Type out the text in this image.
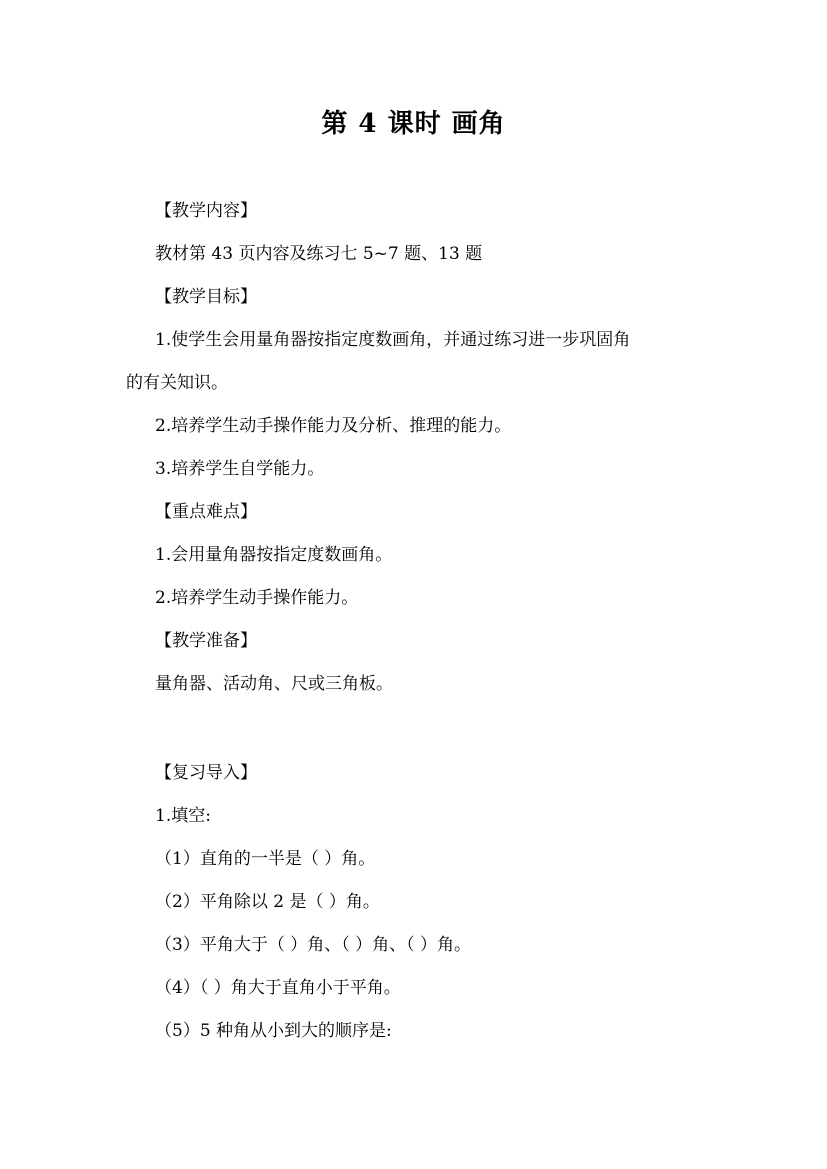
第 4 课时 画角
【教学内容】
教材第 43 页内容及练习七 5~7 题、13 题
【教学目标】
1.使学生会用量角器按指定度数画角，并通过练习进一步巩固角
的有关知识。
2.培养学生动手操作能力及分析、推理的能力。
3.培养学生自学能力。
【重点难点】
1.会用量角器按指定度数画角。
2.培养学生动手操作能力。
【教学准备】
量角器、活动角、尺或三角板。
【复习导入】
1.填空:
（1）直角的一半是（ ）角。
（2）平角除以 2 是（ ）角。
（3）平角大于（ ）角、（ ）角、（ ）角。
（4）（ ）角大于直角小于平角。
（5）5 种角从小到大的顺序是:
